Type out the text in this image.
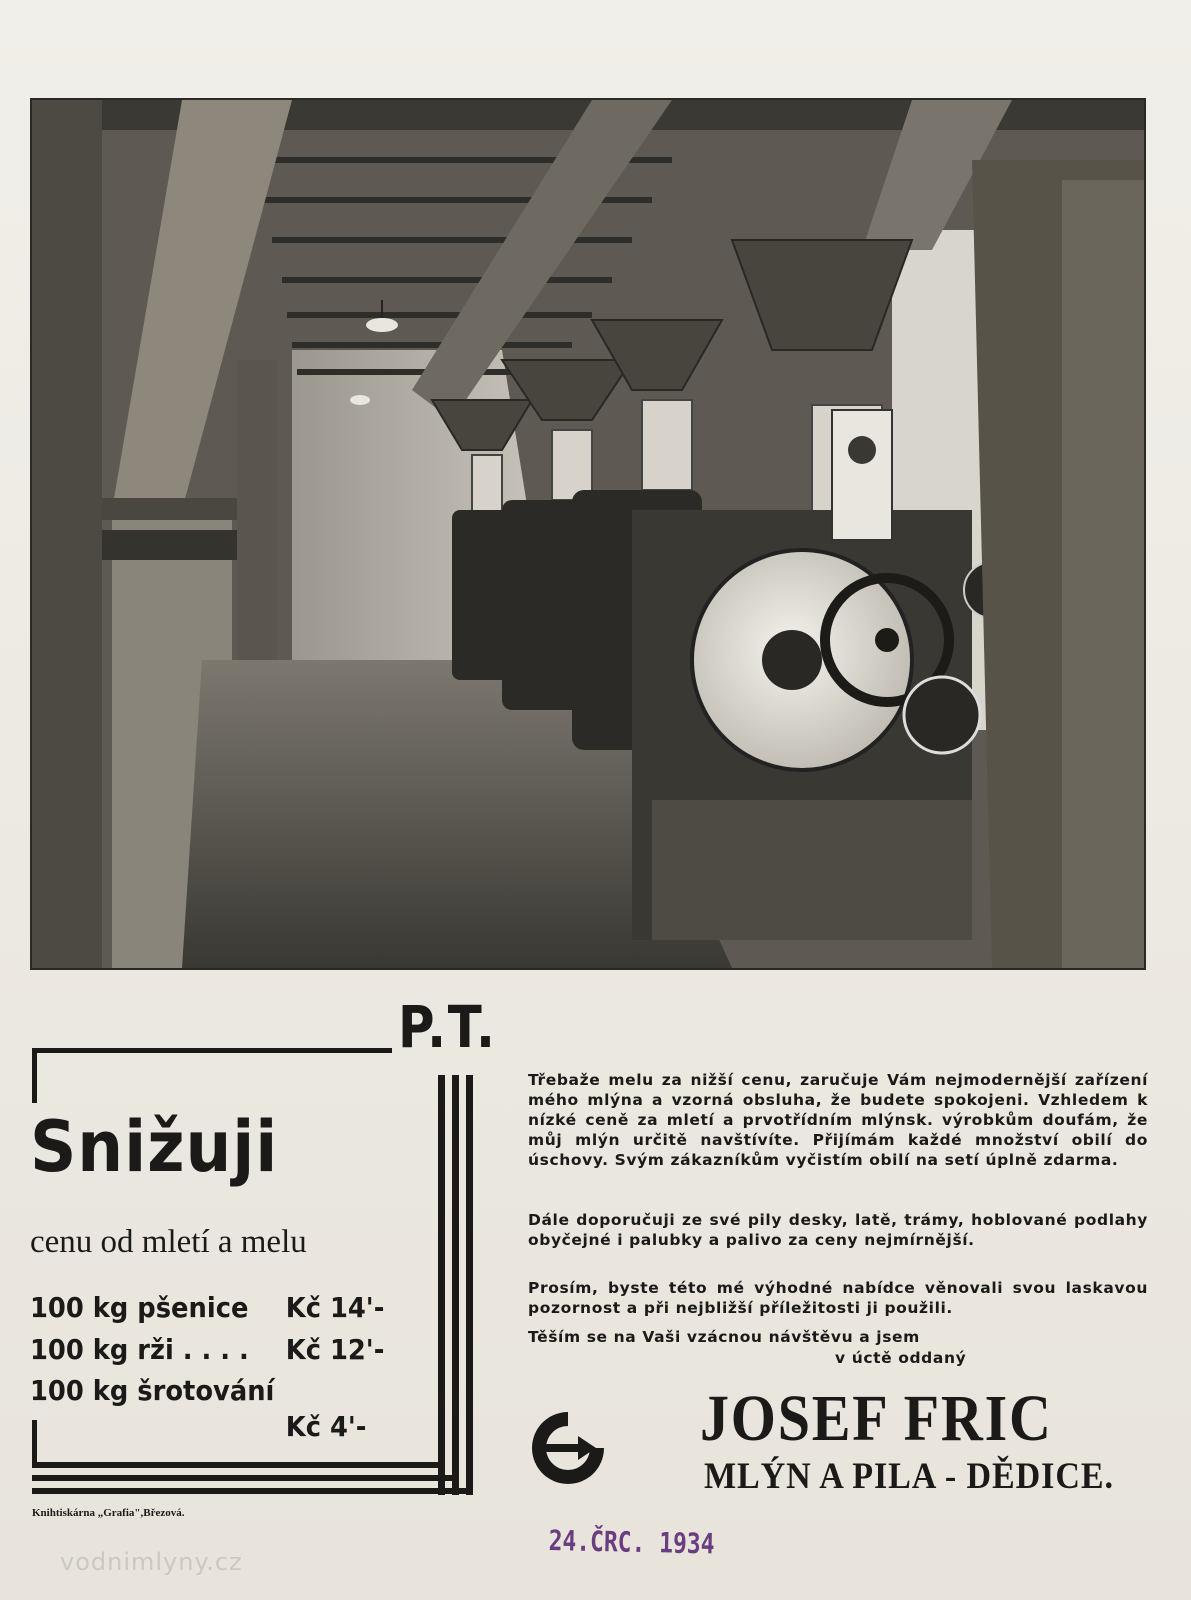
P.T.
Snižuji
cenu od mletí a melu
100 kg pšenice Kč 14'-
100 kg rži . . . . Kč 12'-
100 kg šrotování
Kč 4'-
Knihtiskárna „Grafia",Březová.
Třebaže melu za nižší cenu, zaručuje Vám nejmodernější zařízení mého mlýna a vzorná obsluha, že budete spokojeni. Vzhledem k nízké ceně za mletí a prvotřídním mlýnsk. výrobkům doufám, že můj mlýn určitě navštívíte. Přijímám každé množství obilí do úschovy. Svým zákazníkům vyčistím obilí na setí úplně zdarma.
Dále doporučuji ze své pily desky, latě, trámy, hoblované podlahy obyčejné i palubky a palivo za ceny nejmírnější.
Prosím, byste této mé výhodné nabídce věnovali svou laskavou pozornost a při nejbližší příležitosti ji použili.
Těším se na Vaši vzácnou návštěvu a jsem
v úctě oddaný
JOSEF FRIC
MLÝN A PILA - DĚDICE.
24.ČRC. 1934
vodnimlyny.cz
